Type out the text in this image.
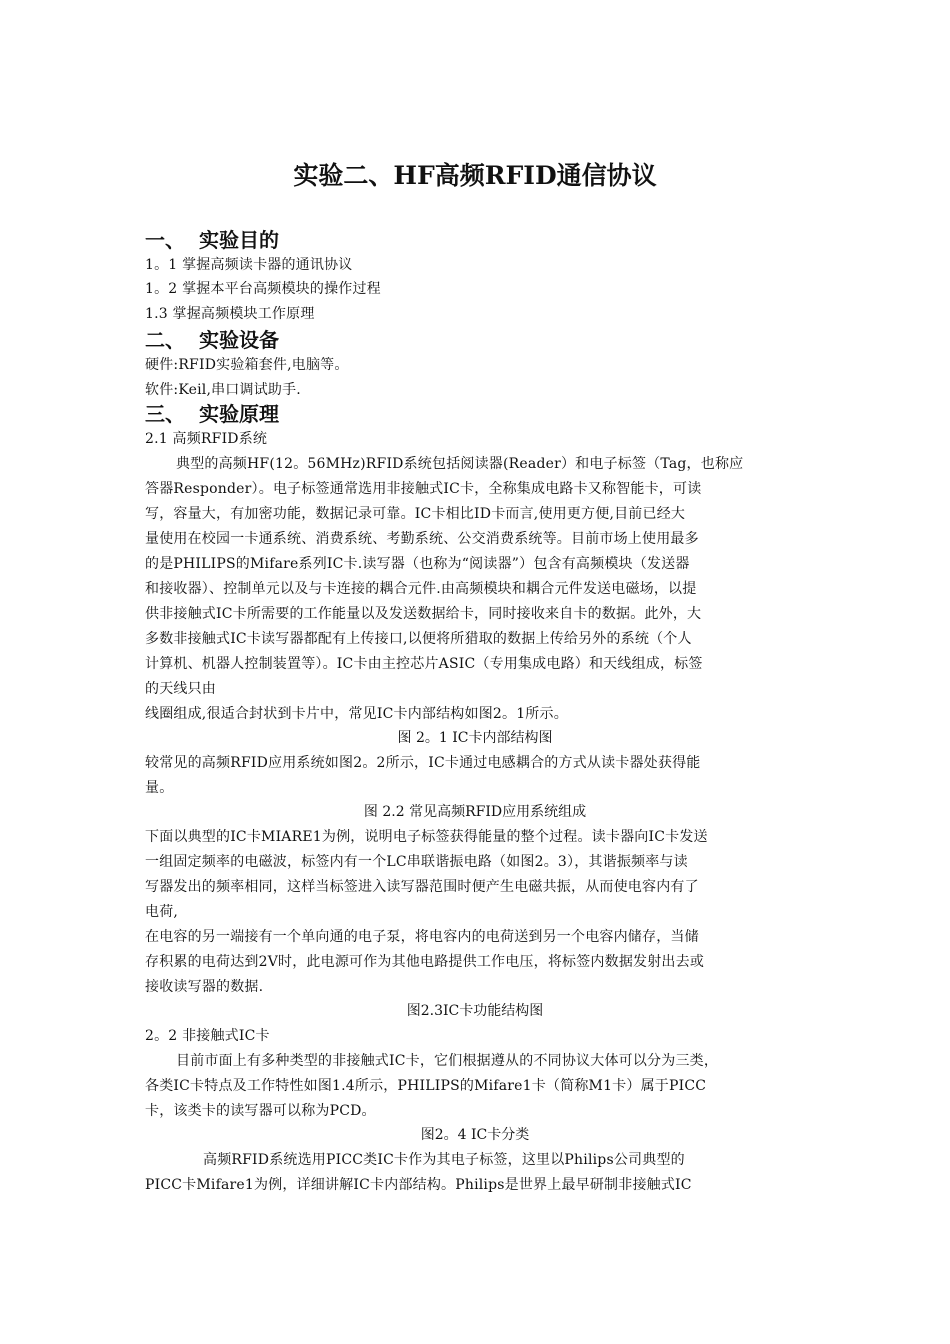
实验二、HF高频RFID通信协议
一、 实验目的
1。1 掌握高频读卡器的通讯协议
1。2 掌握本平台高频模块的操作过程
1.3 掌握高频模块工作原理
二、 实验设备
硬件:RFID实验箱套件,电脑等。
软件:Keil,串口调试助手.
三、 实验原理
2.1 高频RFID系统
典型的高频HF(12。56MHz)RFID系统包括阅读器(Reader）和电子标签（Tag，也称应
答器Responder）。电子标签通常选用非接触式IC卡，全称集成电路卡又称智能卡，可读
写，容量大，有加密功能，数据记录可靠。IC卡相比ID卡而言,使用更方便,目前已经大
量使用在校园一卡通系统、消费系统、考勤系统、公交消费系统等。目前市场上使用最多
的是PHILIPS的Mifare系列IC卡.读写器（也称为“阅读器”）包含有高频模块（发送器
和接收器）、控制单元以及与卡连接的耦合元件.由高频模块和耦合元件发送电磁场，以提
供非接触式IC卡所需要的工作能量以及发送数据给卡，同时接收来自卡的数据。此外，大
多数非接触式IC卡读写器都配有上传接口,以便将所猎取的数据上传给另外的系统（个人
计算机、机器人控制装置等）。IC卡由主控芯片ASIC（专用集成电路）和天线组成，标签
的天线只由
线圈组成,很适合封状到卡片中，常见IC卡内部结构如图2。1所示。
图 2。1 IC卡内部结构图
较常见的高频RFID应用系统如图2。2所示，IC卡通过电感耦合的方式从读卡器处获得能
量。
图 2.2 常见高频RFID应用系统组成
下面以典型的IC卡MIARE1为例，说明电子标签获得能量的整个过程。读卡器向IC卡发送
一组固定频率的电磁波，标签内有一个LC串联谐振电路（如图2。3），其谐振频率与读
写器发出的频率相同，这样当标签进入读写器范围时便产生电磁共振，从而使电容内有了
电荷,
在电容的另一端接有一个单向通的电子泵，将电容内的电荷送到另一个电容内储存，当储
存积累的电荷达到2V时，此电源可作为其他电路提供工作电压，将标签内数据发射出去或
接收读写器的数据.
图2.3IC卡功能结构图
2。2 非接触式IC卡
目前市面上有多种类型的非接触式IC卡，它们根据遵从的不同协议大体可以分为三类，
各类IC卡特点及工作特性如图1.4所示，PHILIPS的Mifare1卡（简称M1卡）属于PICC
卡，该类卡的读写器可以称为PCD。
图2。4 IC卡分类
高频RFID系统选用PICC类IC卡作为其电子标签，这里以Philips公司典型的
PICC卡Mifare1为例，详细讲解IC卡内部结构。Philips是世界上最早研制非接触式IC
